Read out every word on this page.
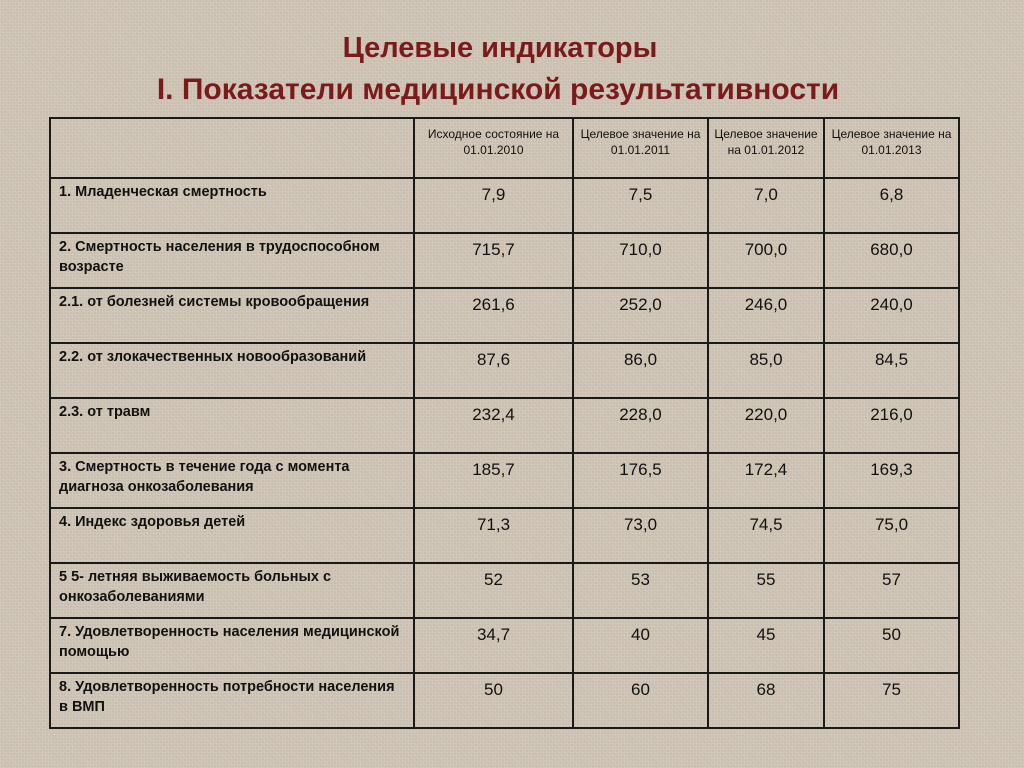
Целевые индикаторы
I. Показатели медицинской результативности
	Исходное состояние на 01.01.2010	Целевое значение на 01.01.2011	Целевое значение на 01.01.2012	Целевое значение на 01.01.2013
1. Младенческая смертность	7,9	7,5	7,0	6,8
2. Смертность населения в трудоспособном возрасте	715,7	710,0	700,0	680,0
2.1. от болезней системы кровообращения	261,6	252,0	246,0	240,0
2.2. от злокачественных новообразований	87,6	86,0	85,0	84,5
2.3. от травм	232,4	228,0	220,0	216,0
3. Смертность в течение года с момента диагноза онкозаболевания	185,7	176,5	172,4	169,3
4. Индекс здоровья детей	71,3	73,0	74,5	75,0
5 5- летняя выживаемость больных с онкозаболеваниями	52	53	55	57
7. Удовлетворенность населения медицинской помощью	34,7	40	45	50
8. Удовлетворенность потребности населения в ВМП	50	60	68	75
